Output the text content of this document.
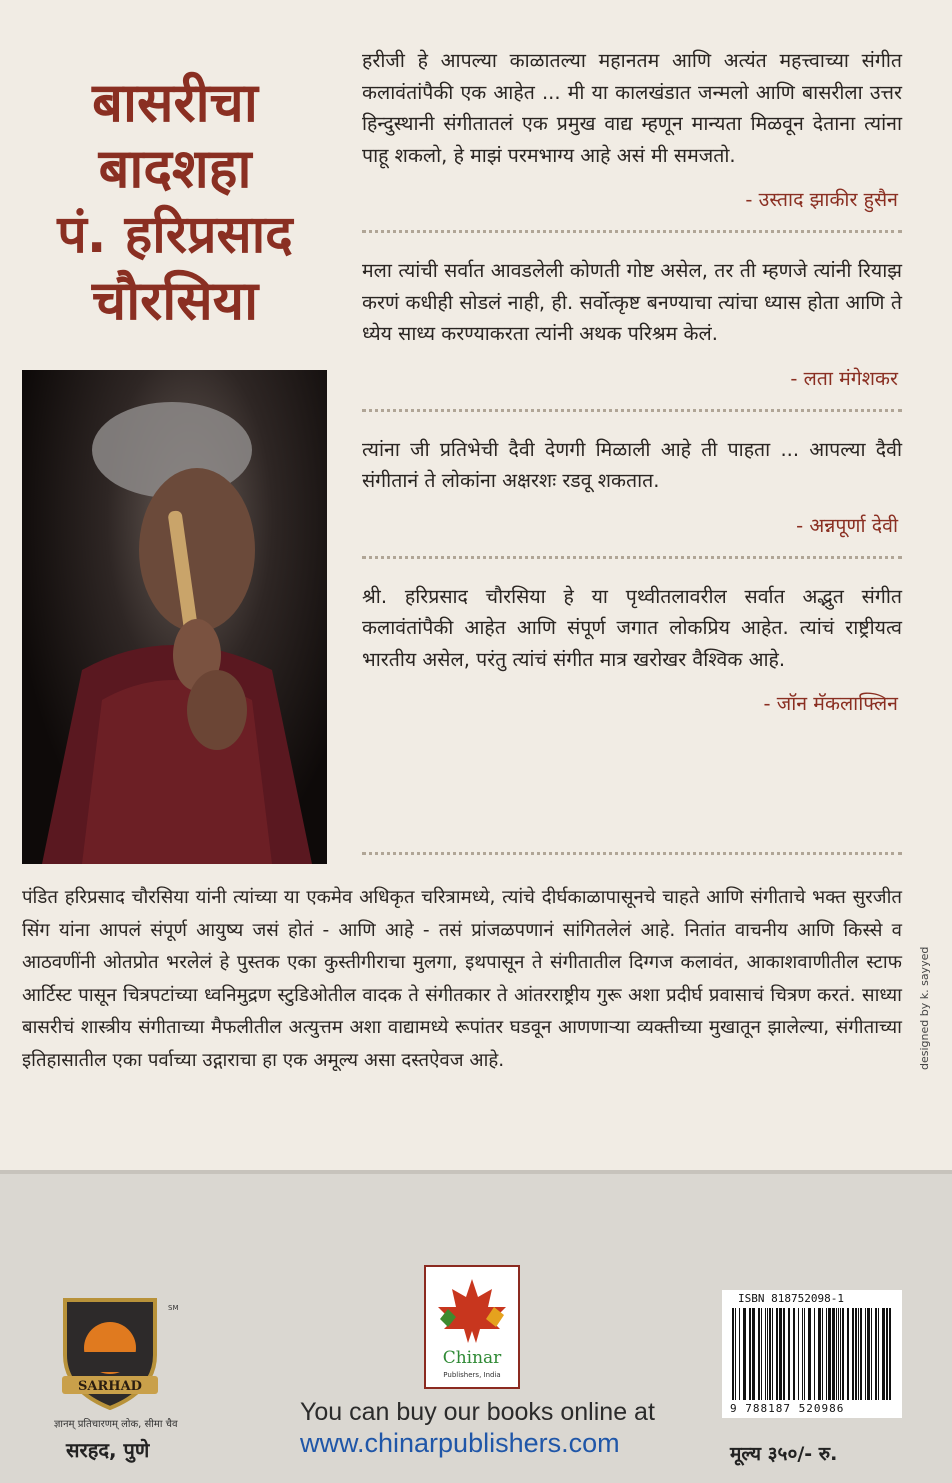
बासरीचा
बादशहा
पं. हरिप्रसाद
चौरसिया
हरीजी हे आपल्या काळातल्या महानतम आणि अत्यंत महत्त्वाच्या संगीत कलावंतांपैकी एक आहेत ... मी या कालखंडात जन्मलो आणि बासरीला उत्तर हिन्दुस्थानी संगीतातलं एक प्रमुख वाद्य म्हणून मान्यता मिळवून देताना त्यांना पाहू शकलो, हे माझं परमभाग्य आहे असं मी समजतो.
- उस्ताद झाकीर हुसैन
मला त्यांची सर्वात आवडलेली कोणती गोष्ट असेल, तर ती म्हणजे त्यांनी रियाझ करणं कधीही सोडलं नाही, ही. सर्वोत्कृष्ट बनण्याचा त्यांचा ध्यास होता आणि ते ध्येय साध्य करण्याकरता त्यांनी अथक परिश्रम केलं.
- लता मंगेशकर
त्यांना जी प्रतिभेची दैवी देणगी मिळाली आहे ती पाहता ... आपल्या दैवी संगीतानं ते लोकांना अक्षरशः रडवू शकतात.
- अन्नपूर्णा देवी
श्री. हरिप्रसाद चौरसिया हे या पृथ्वीतलावरील सर्वात अद्भुत संगीत कलावंतांपैकी आहेत आणि संपूर्ण जगात लोकप्रिय आहेत. त्यांचं राष्ट्रीयत्व भारतीय असेल, परंतु त्यांचं संगीत मात्र खरोखर वैश्विक आहे.
- जॉन मॅकलाफ्लिन
पंडित हरिप्रसाद चौरसिया यांनी त्यांच्या या एकमेव अधिकृत चरित्रामध्ये, त्यांचे दीर्घकाळापासूनचे चाहते आणि संगीताचे भक्त सुरजीत सिंग यांना आपलं संपूर्ण आयुष्य जसं होतं - आणि आहे - तसं प्रांजळपणानं सांगितलेलं आहे. नितांत वाचनीय आणि किस्से व आठवणींनी ओतप्रोत भरलेलं हे पुस्तक एका कुस्तीगीराचा मुलगा, इथपासून ते संगीतातील दिग्गज कलावंत, आकाशवाणीतील स्टाफ आर्टिस्ट पासून चित्रपटांच्या ध्वनिमुद्रण स्टुडिओतील वादक ते संगीतकार ते आंतरराष्ट्रीय गुरू अशा प्रदीर्घ प्रवासाचं चित्रण करतं. साध्या बासरीचं शास्त्रीय संगीताच्या मैफलीतील अत्युत्तम अशा वाद्यामध्ये रूपांतर घडवून आणणाऱ्या व्यक्तीच्या मुखातून झालेल्या, संगीताच्या इतिहासातील एका पर्वाच्या उद्गाराचा हा एक अमूल्य असा दस्तऐवज आहे.	designed by k. sayyed
SARHAD
SM
ज्ञानम् प्रतिचारणम् लोक, सीमा चैव
सरहद, पुणे
Chinar
Publishers, India
You can buy our books online at
www.chinarpublishers.com
ISBN 818752098-1
9 788187 520986
मूल्य ३५०/- रु.
